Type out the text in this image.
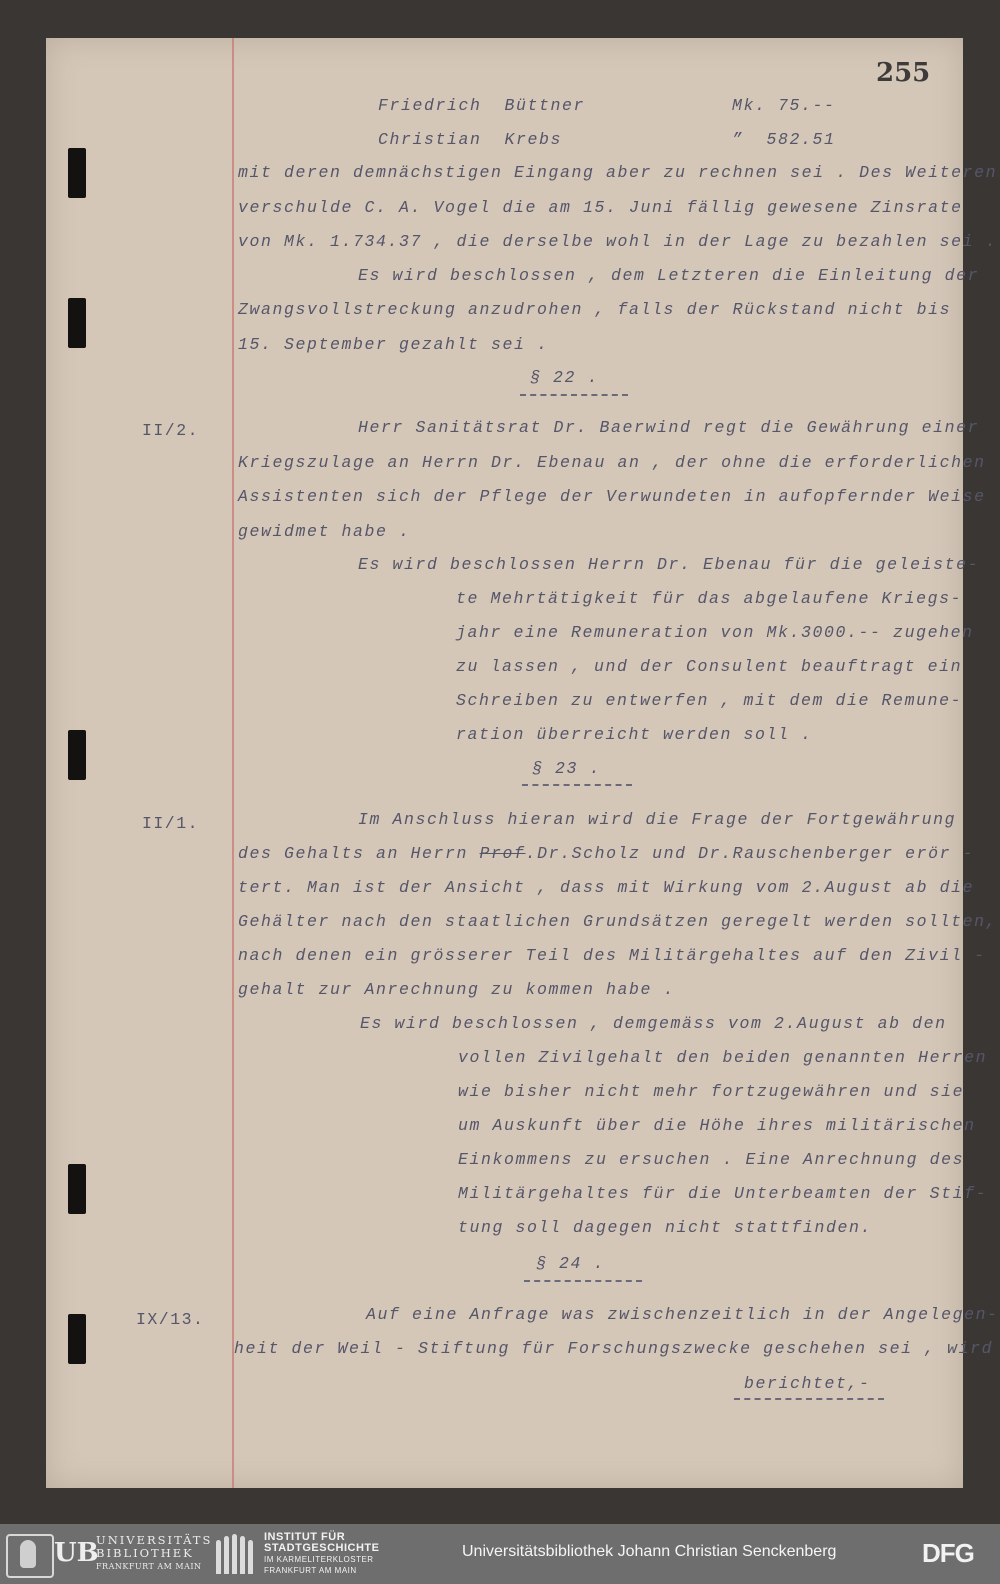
255
Friedrich  Büttner	Mk. 75.--
Christian  Krebs	”  582.51
mit deren demnächstigen Eingang aber zu rechnen sei . Des Weiteren
verschulde C. A. Vogel die am 15. Juni fällig gewesene Zinsrate
von Mk. 1.734.37 , die derselbe wohl in der Lage zu bezahlen sei .
Es wird beschlossen , dem Letzteren die Einleitung der
Zwangsvollstreckung anzudrohen , falls der Rückstand nicht bis
15. September gezahlt sei .
§ 22 .
II/2.	Herr Sanitätsrat Dr. Baerwind regt die Gewährung einer
Kriegszulage an Herrn Dr. Ebenau an , der ohne die erforderlichen
Assistenten sich der Pflege der Verwundeten in aufopfernder Weise
gewidmet habe .
Es wird beschlossen Herrn Dr. Ebenau für die geleiste-
te Mehrtätigkeit für das abgelaufene Kriegs-
jahr eine Remuneration von Mk.3000.-- zugehen
zu lassen , und der Consulent beauftragt ein
Schreiben zu entwerfen , mit dem die Remune-
ration überreicht werden soll .
§ 23 .
II/1.	Im Anschluss hieran wird die Frage der Fortgewährung
des Gehalts an Herrn Prof.Dr.Scholz und Dr.Rauschenberger erör -
tert. Man ist der Ansicht , dass mit Wirkung vom 2.August ab die
Gehälter nach den staatlichen Grundsätzen geregelt werden sollten,
nach denen ein grösserer Teil des Militärgehaltes auf den Zivil -
gehalt zur Anrechnung zu kommen habe .
Es wird beschlossen , demgemäss vom 2.August ab den
vollen Zivilgehalt den beiden genannten Herren
wie bisher nicht mehr fortzugewähren und sie
um Auskunft über die Höhe ihres militärischen
Einkommens zu ersuchen . Eine Anrechnung des
Militärgehaltes für die Unterbeamten der Stif-
tung soll dagegen nicht stattfinden.
§ 24 .
IX/13.	Auf eine Anfrage was zwischenzeitlich in der Angelegen-
heit der Weil - Stiftung für Forschungszwecke geschehen sei , wird
berichtet,-
UB
UNIVERSITÄTS
BIBLIOTHEK
FRANKFURT AM MAIN
INSTITUT FÜR
STADTGESCHICHTE
IM KARMELITERKLOSTER
FRANKFURT AM MAIN
Universitätsbibliothek Johann Christian Senckenberg	DFG
